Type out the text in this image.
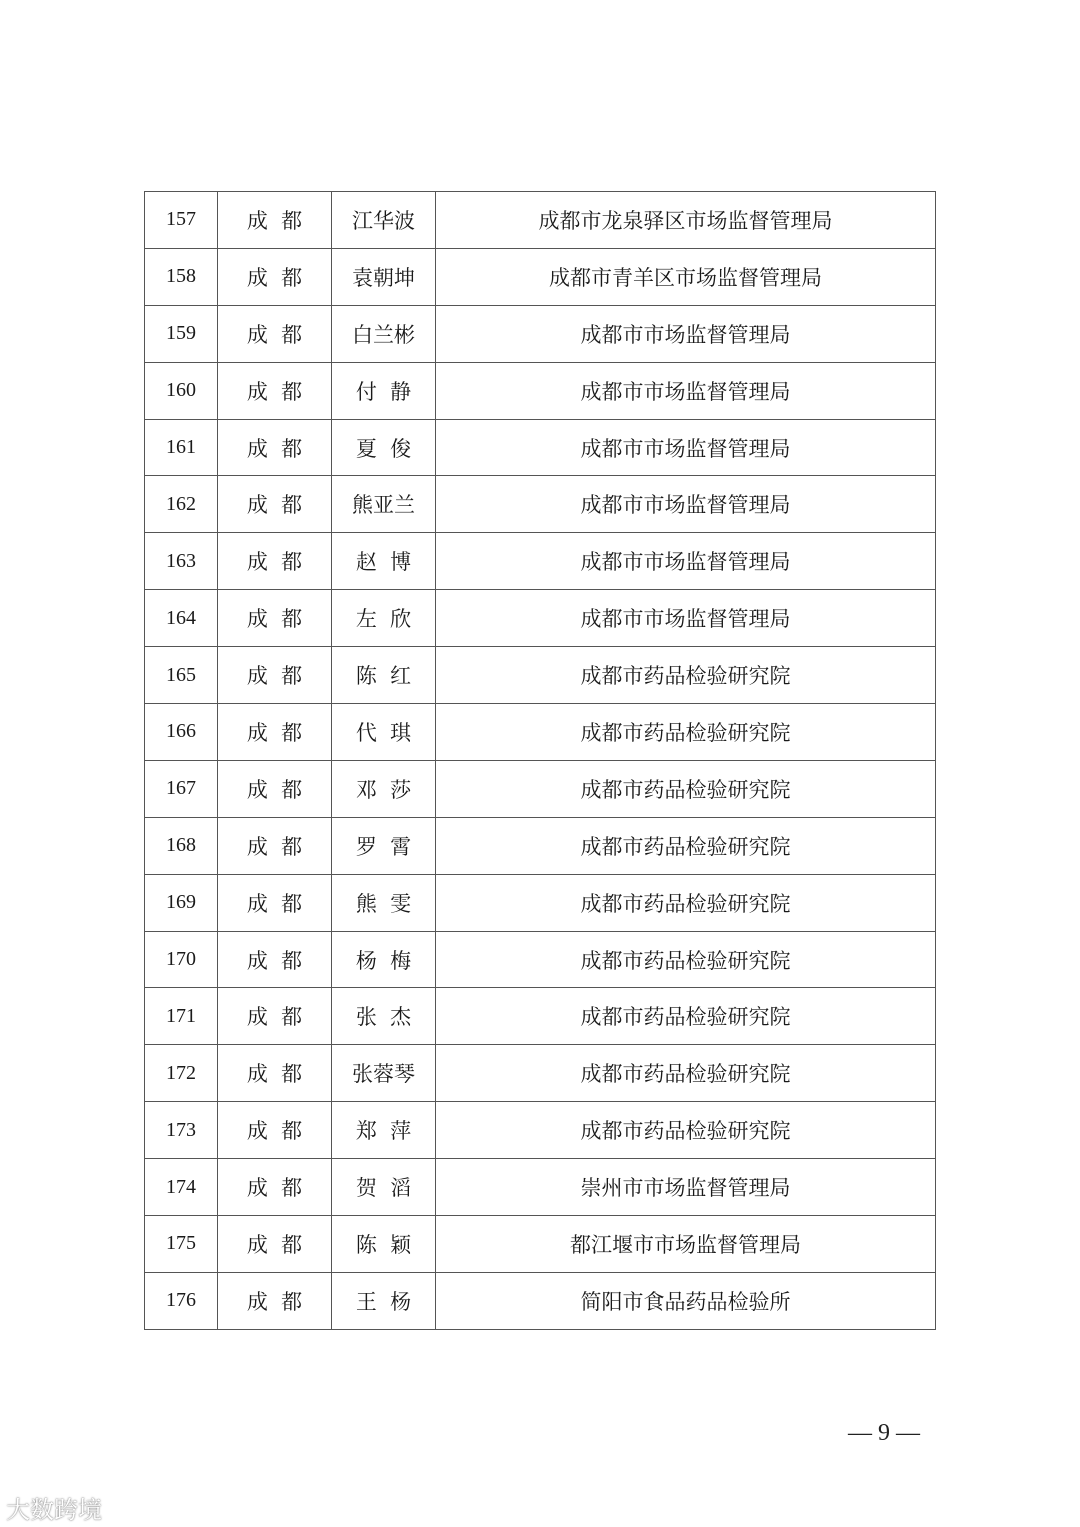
157	成  都	江华波	成都市龙泉驿区市场监督管理局
158	成  都	袁朝坤	成都市青羊区市场监督管理局
159	成  都	白兰彬	成都市市场监督管理局
160	成  都	付  静	成都市市场监督管理局
161	成  都	夏  俊	成都市市场监督管理局
162	成  都	熊亚兰	成都市市场监督管理局
163	成  都	赵  博	成都市市场监督管理局
164	成  都	左  欣	成都市市场监督管理局
165	成  都	陈  红	成都市药品检验研究院
166	成  都	代  琪	成都市药品检验研究院
167	成  都	邓  莎	成都市药品检验研究院
168	成  都	罗  霄	成都市药品检验研究院
169	成  都	熊  雯	成都市药品检验研究院
170	成  都	杨  梅	成都市药品检验研究院
171	成  都	张  杰	成都市药品检验研究院
172	成  都	张蓉琴	成都市药品检验研究院
173	成  都	郑  萍	成都市药品检验研究院
174	成  都	贺  滔	崇州市市场监督管理局
175	成  都	陈  颖	都江堰市市场监督管理局
176	成  都	王  杨	简阳市食品药品检验所
— 9 —
大数跨境
